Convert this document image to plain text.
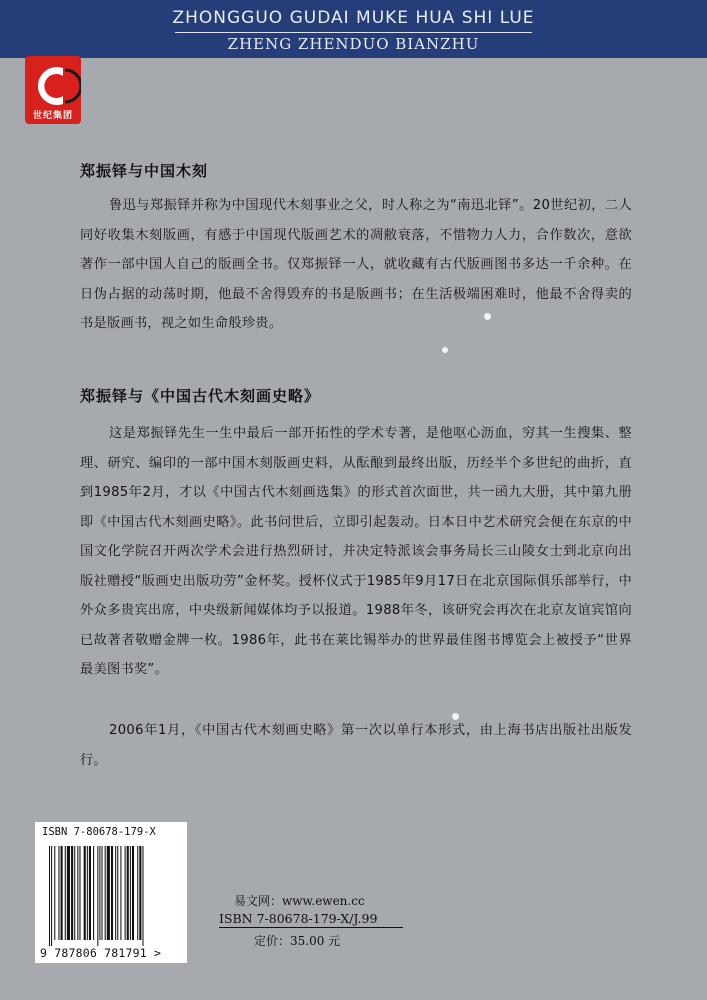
ZHONGGUO GUDAI MUKE HUA SHI LUE
ZHENG ZHENDUO BIANZHU
世纪集团
郑振铎与中国木刻
鲁迅与郑振铎并称为中国现代木刻事业之父，时人称之为“南迅北铎”。20世纪初，二人同好收集木刻版画，有感于中国现代版画艺术的凋敝衰落，不惜物力人力，合作数次，意欲著作一部中国人自己的版画全书。仅郑振铎一人，就收藏有古代版画图书多达一千余种。在日伪占据的动荡时期，他最不舍得毁弃的书是版画书；在生活极端困难时，他最不舍得卖的书是版画书，视之如生命般珍贵。
郑振铎与《中国古代木刻画史略》
这是郑振铎先生一生中最后一部开拓性的学术专著，是他呕心沥血，穷其一生搜集、整理、研究、编印的一部中国木刻版画史料，从酝酿到最终出版，历经半个多世纪的曲折，直到1985年2月，才以《中国古代木刻画选集》的形式首次面世，共一函九大册，其中第九册即《中国古代木刻画史略》。此书问世后，立即引起轰动。日本日中艺术研究会便在东京的中国文化学院召开两次学术会进行热烈研讨，并决定特派该会事务局长三山陵女士到北京向出版社赠授“版画史出版功劳”金杯奖。授杯仪式于1985年9月17日在北京国际俱乐部举行，中外众多贵宾出席，中央级新闻媒体均予以报道。1988年冬，该研究会再次在北京友谊宾馆向已故著者敬赠金牌一枚。1986年，此书在莱比锡举办的世界最佳图书博览会上被授予“世界最美图书奖”。
2006年1月，《中国古代木刻画史略》第一次以单行本形式，由上海书店出版社出版发行。
ISBN 7-80678-179-X
9 787806 781791 >
易文网：www.ewen.cc
ISBN 7-80678-179-X/J.99
定价：35.00 元
